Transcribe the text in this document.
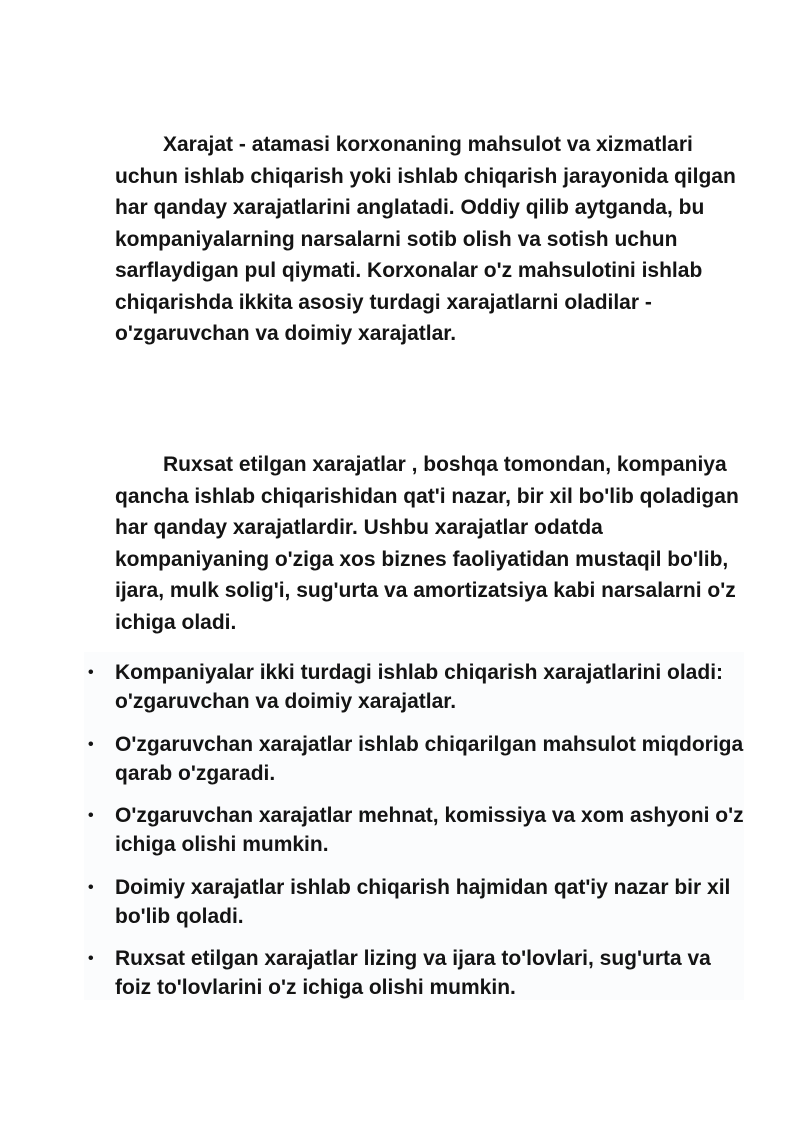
Xarajat - atamasi korxonaning mahsulot va xizmatlari uchun ishlab chiqarish yoki ishlab chiqarish jarayonida qilgan har qanday xarajatlarini anglatadi. Oddiy qilib aytganda, bu kompaniyalarning narsalarni sotib olish va sotish uchun sarflaydigan pul qiymati. Korxonalar o'z mahsulotini ishlab chiqarishda ikkita asosiy turdagi xarajatlarni oladilar - o'zgaruvchan va doimiy xarajatlar.

Ruxsat etilgan xarajatlar , boshqa tomondan, kompaniya qancha ishlab chiqarishidan qat'i nazar, bir xil bo'lib qoladigan har qanday xarajatlardir. Ushbu xarajatlar odatda kompaniyaning o'ziga xos biznes faoliyatidan mustaqil bo'lib, ijara, mulk solig'i, sug'urta va amortizatsiya kabi narsalarni o'z ichiga oladi.

• Kompaniyalar ikki turdagi ishlab chiqarish xarajatlarini oladi: o'zgaruvchan va doimiy xarajatlar.
• O'zgaruvchan xarajatlar ishlab chiqarilgan mahsulot miqdoriga qarab o'zgaradi.
• O'zgaruvchan xarajatlar mehnat, komissiya va xom ashyoni o'z ichiga olishi mumkin.
• Doimiy xarajatlar ishlab chiqarish hajmidan qat'iy nazar bir xil bo'lib qoladi.
• Ruxsat etilgan xarajatlar lizing va ijara to'lovlari, sug'urta va foiz to'lovlarini o'z ichiga olishi mumkin.
